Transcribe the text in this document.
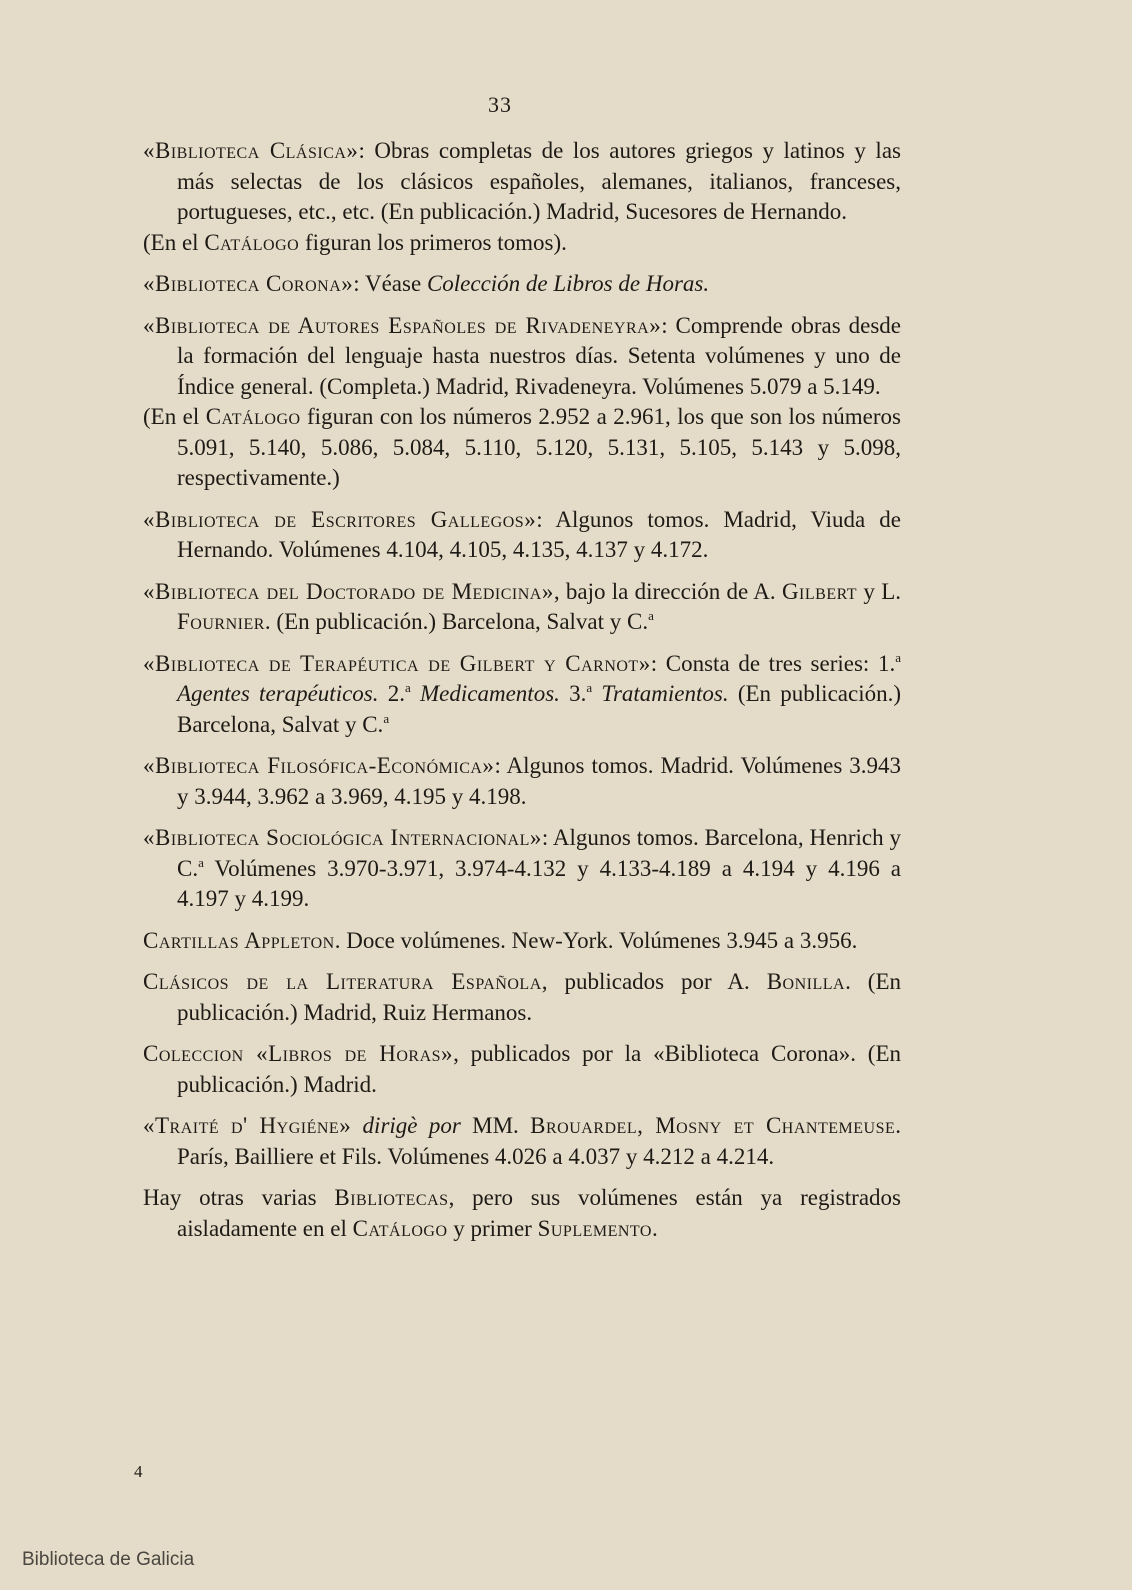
33

«Biblioteca Clásica»: Obras completas de los autores griegos y latinos y las más selectas de los clásicos españoles, alemanes, italianos, franceses, portugueses, etc., etc. (En publicación.) Madrid, Sucesores de Hernando.

(En el Catálogo figuran los primeros tomos).

«Biblioteca Corona»: Véase Colección de Libros de Horas.

«Biblioteca de Autores Españoles de Rivadeneyra»: Comprende obras desde la formación del lenguaje hasta nuestros días. Setenta volúmenes y uno de Índice general. (Completa.) Madrid, Rivadeneyra. Volúmenes 5.079 a 5.149.

(En el Catálogo figuran con los números 2.952 a 2.961, los que son los números 5.091, 5.140, 5.086, 5.084, 5.110, 5.120, 5.131, 5.105, 5.143 y 5.098, respectivamente.)

«Biblioteca de Escritores Gallegos»: Algunos tomos. Madrid, Viuda de Hernando. Volúmenes 4.104, 4.105, 4.135, 4.137 y 4.172.

«Biblioteca del Doctorado de Medicina», bajo la dirección de A. Gilbert y L. Fournier. (En publicación.) Barcelona, Salvat y C.$^a$

«Biblioteca de Terapéutica de Gilbert y Carnot»: Consta de tres series: 1.$^a$ Agentes terapéuticos. 2.$^a$ Medicamentos. 3.$^a$ Tratamientos. (En publicación.) Barcelona, Salvat y C.$^a$

«Biblioteca Filosófica-Económica»: Algunos tomos. Madrid. Volúmenes 3.943 y 3.944, 3.962 a 3.969, 4.195 y 4.198.

«Biblioteca Sociológica Internacional»: Algunos tomos. Barcelona, Henrich y C.$^a$ Volúmenes 3.970-3.971, 3.974-4.132 y 4.133-4.189 a 4.194 y 4.196 a 4.197 y 4.199.

Cartillas Appleton. Doce volúmenes. New-York. Volúmenes 3.945 a 3.956.

Clásicos de la Literatura Española, publicados por A. Bonilla. (En publicación.) Madrid, Ruiz Hermanos.

Coleccion «Libros de Horas», publicados por la «Biblioteca Corona». (En publicación.) Madrid.

«Traité d' Hygiéne» dirigè por MM. Brouardel, Mosny et Chantemeuse. París, Bailliere et Fils. Volúmenes 4.026 a 4.037 y 4.212 a 4.214.

Hay otras varias Bibliotecas, pero sus volúmenes están ya registrados aisladamente en el Catálogo y primer Suplemento.

4
Biblioteca de Galicia
